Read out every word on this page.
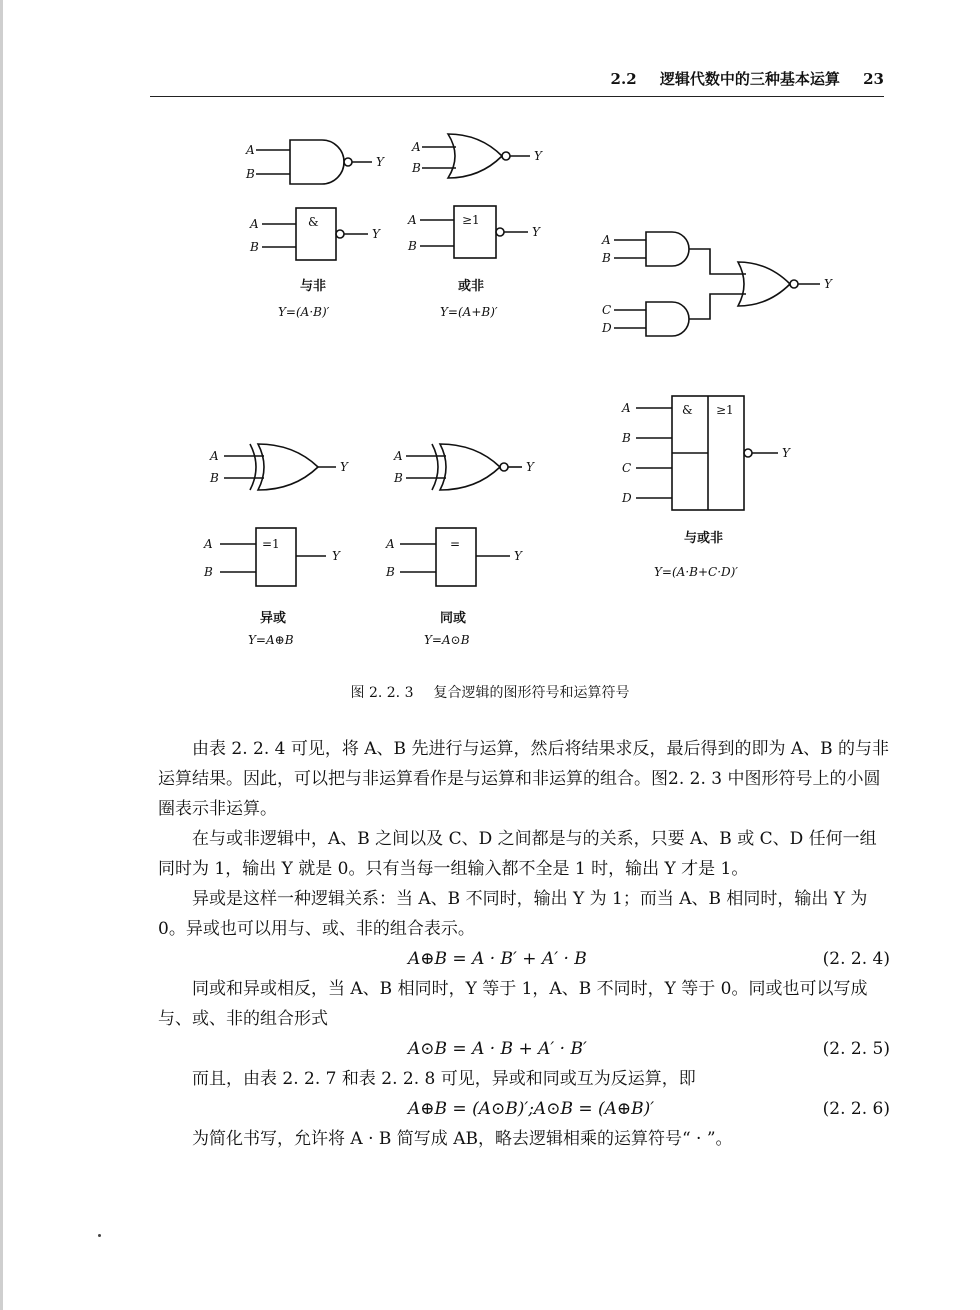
2.2 逻辑代数中的三种基本运算 23
A
B
Y
A
B
Y
&
A
B
Y
与非
Y=(A·B)′
≥1
A
B
Y
或非
Y=(A+B)′
A
B
C
D
Y
& ≥1
A
B
C
D
Y
与或非
Y=(A·B+C·D)′
A
B
Y
A
B
Y
=1
A
B
Y
异或
Y=A⊕B
=
A
B
Y
同或
Y=A⊙B
图 2. 2. 3 复合逻辑的图形符号和运算符号

由表 2. 2. 4 可见，将 A、B 先进行与运算，然后将结果求反，最后得到的即为 A、B 的与非运算结果。因此，可以把与非运算看作是与运算和非运算的组合。图2. 2. 3 中图形符号上的小圆圈表示非运算。

在与或非逻辑中，A、B 之间以及 C、D 之间都是与的关系，只要 A、B 或 C、D 任何一组同时为 1，输出 Y 就是 0。只有当每一组输入都不全是 1 时，输出 Y 才是 1。

异或是这样一种逻辑关系：当 A、B 不同时，输出 Y 为 1；而当 A、B 相同时，输出 Y 为 0。异或也可以用与、或、非的组合表示。

A⊕B = A · B′ + A′ · B	(2. 2. 4)

同或和异或相反，当 A、B 相同时，Y 等于 1，A、B 不同时，Y 等于 0。同或也可以写成与、或、非的组合形式

A⊙B = A · B + A′ · B′	(2. 2. 5)

而且，由表 2. 2. 7 和表 2. 2. 8 可见，异或和同或互为反运算，即

A⊕B = (A⊙B)′;A⊙B = (A⊕B)′	(2. 2. 6)

为简化书写，允许将 A · B 简写成 AB，略去逻辑相乘的运算符号“ · ”。
